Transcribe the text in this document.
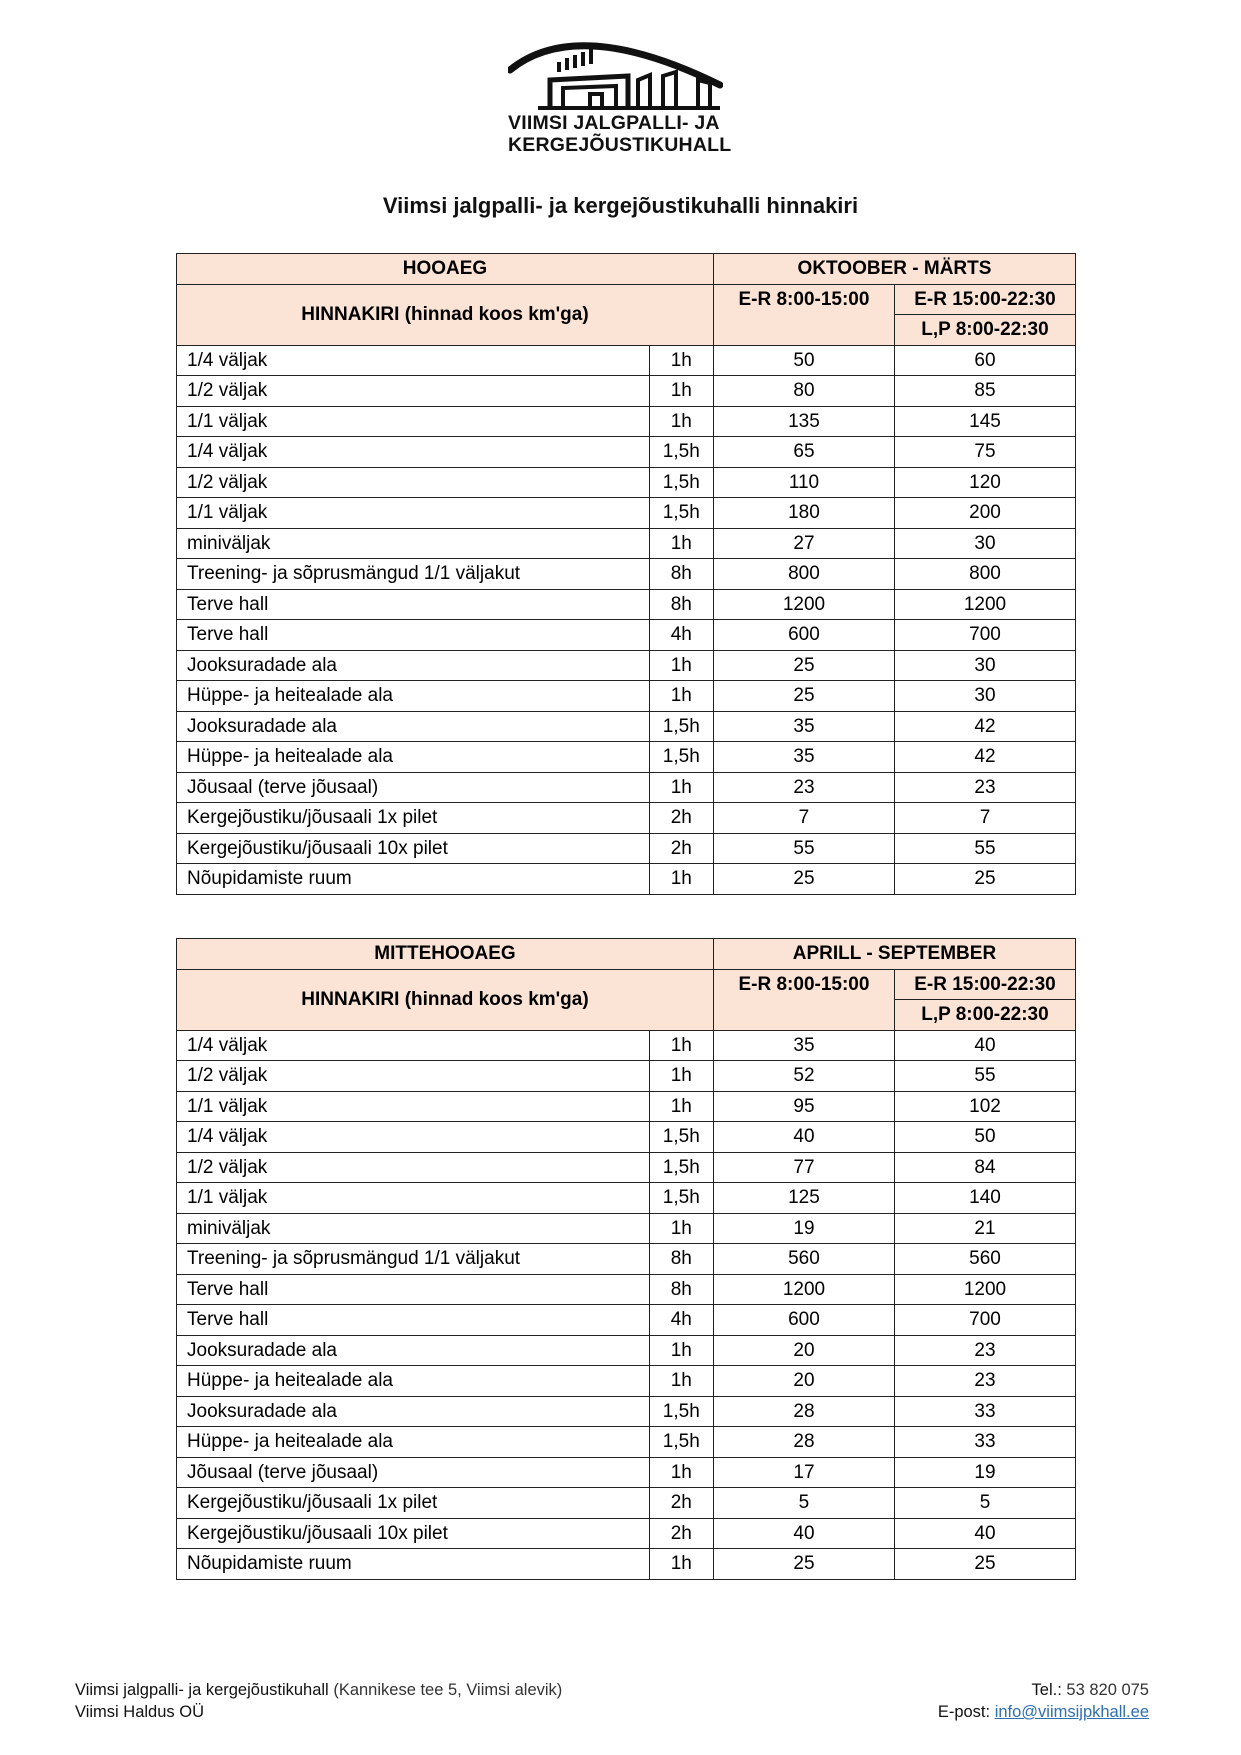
VIIMSI JALGPALLI- JA
KERGEJÕUSTIKUHALL
Viimsi jalgpalli- ja kergejõustikuhalli hinnakiri
HOOAEG		OKTOOBER - MÄRTS	
HINNAKIRI (hinnad koos km'ga)		E-R 8:00-15:00	E-R 15:00-22:30
			L,P 8:00-22:30
1/4 väljak	1h	50	60
1/2 väljak	1h	80	85
1/1 väljak	1h	135	145
1/4 väljak	1,5h	65	75
1/2 väljak	1,5h	110	120
1/1 väljak	1,5h	180	200
miniväljak	1h	27	30
Treening- ja sõprusmängud 1/1 väljakut	8h	800	800
Terve hall	8h	1200	1200
Terve hall	4h	600	700
Jooksuradade ala	1h	25	30
Hüppe- ja heitealade ala	1h	25	30
Jooksuradade ala	1,5h	35	42
Hüppe- ja heitealade ala	1,5h	35	42
Jõusaal (terve jõusaal)	1h	23	23
Kergejõustiku/jõusaali 1x pilet	2h	7	7
Kergejõustiku/jõusaali 10x pilet	2h	55	55
Nõupidamiste ruum	1h	25	25
MITTEHOOAEG		APRILL - SEPTEMBER	
HINNAKIRI (hinnad koos km'ga)		E-R 8:00-15:00	E-R 15:00-22:30
			L,P 8:00-22:30
1/4 väljak	1h	35	40
1/2 väljak	1h	52	55
1/1 väljak	1h	95	102
1/4 väljak	1,5h	40	50
1/2 väljak	1,5h	77	84
1/1 väljak	1,5h	125	140
miniväljak	1h	19	21
Treening- ja sõprusmängud 1/1 väljakut	8h	560	560
Terve hall	8h	1200	1200
Terve hall	4h	600	700
Jooksuradade ala	1h	20	23
Hüppe- ja heitealade ala	1h	20	23
Jooksuradade ala	1,5h	28	33
Hüppe- ja heitealade ala	1,5h	28	33
Jõusaal (terve jõusaal)	1h	17	19
Kergejõustiku/jõusaali 1x pilet	2h	5	5
Kergejõustiku/jõusaali 10x pilet	2h	40	40
Nõupidamiste ruum	1h	25	25
Viimsi jalgpalli- ja kergejõustikuhall (Kannikese tee 5, Viimsi alevik)
Viimsi Haldus OÜ
Tel.: 53 820 075
E-post: info@viimsijpkhall.ee
